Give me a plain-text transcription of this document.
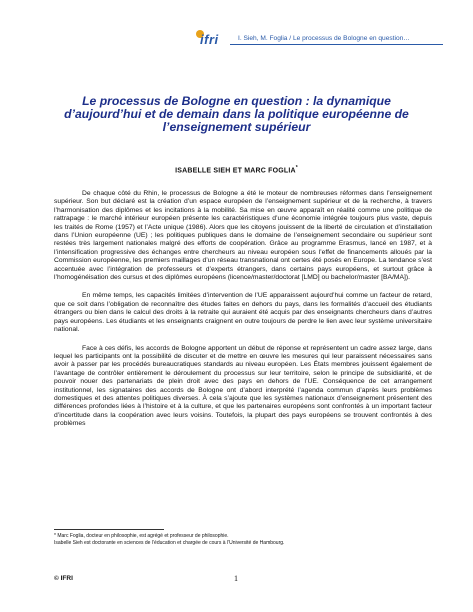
ifri	I. Sieh, M. Foglia / Le processus de Bologne en question…
Le processus de Bologne en question : la dynamique
d’aujourd’hui et de demain dans la politique européenne de
l’enseignement supérieur
ISABELLE SIEH ET MARC FOGLIA*

De chaque côté du Rhin, le processus de Bologne a été le moteur de nombreuses réformes dans l’enseignement supérieur. Son but déclaré est la création d’un espace européen de l’enseignement supérieur et de la recherche, à travers l’harmonisation des diplômes et les incitations à la mobilité. Sa mise en œuvre apparaît en réalité comme une politique de rattrapage : le marché intérieur européen présente les caractéristiques d’une économie intégrée toujours plus vaste, depuis les traités de Rome (1957) et l’Acte unique (1986). Alors que les citoyens jouissent de la liberté de circulation et d’installation dans l’Union européenne (UE) ; les politiques publiques dans le domaine de l’enseignement secondaire ou supérieur sont restées très largement nationales malgré des efforts de coopération. Grâce au programme Erasmus, lancé en 1987, et à l’intensification progressive des échanges entre chercheurs au niveau européen sous l’effet de financements alloués par la Commission européenne, les premiers maillages d’un réseau transnational ont certes été posés en Europe. La tendance s’est accentuée avec l’intégration de professeurs et d’experts étrangers, dans certains pays européens, et surtout grâce à l’homogénéisation des cursus et des diplômes européens (licence/master/doctorat [LMD] ou bachelor/master [BA/MA]).

En même temps, les capacités limitées d’intervention de l’UE apparaissent aujourd’hui comme un facteur de retard, que ce soit dans l’obligation de reconnaître des études faites en dehors du pays, dans les formalités d’accueil des étudiants étrangers ou bien dans le calcul des droits à la retraite qui auraient été acquis par des enseignants chercheurs dans d’autres pays européens. Les étudiants et les enseignants craignent en outre toujours de perdre le lien avec leur système universitaire national.

Face à ces défis, les accords de Bologne apportent un début de réponse et représentent un cadre assez large, dans lequel les participants ont la possibilité de discuter et de mettre en œuvre les mesures qui leur paraissent nécessaires sans avoir à passer par les procédés bureaucratiques standards au niveau européen. Les États membres jouissent également de l’avantage de contrôler entièrement le déroulement du processus sur leur territoire, selon le principe de subsidiarité, et de pouvoir nouer des partenariats de plein droit avec des pays en dehors de l’UE. Conséquence de cet arrangement institutionnel, les signataires des accords de Bologne ont d’abord interprété l’agenda commun d’après leurs problèmes domestiques et des attentes politiques diverses. À cela s’ajoute que les systèmes nationaux d’enseignement présentent des différences profondes liées à l’histoire et à la culture, et que les partenaires européens sont confrontés à un important facteur d’incertitude dans la coopération avec leurs voisins. Toutefois, la plupart des pays européens se trouvent confrontés à des problèmes

* Marc Foglia, docteur en philosophie, est agrégé et professeur de philosophie.
Isabelle Sieh est doctorante en sciences de l’éducation et chargée de cours à l’Université de Hambourg.
© IFRI	1
